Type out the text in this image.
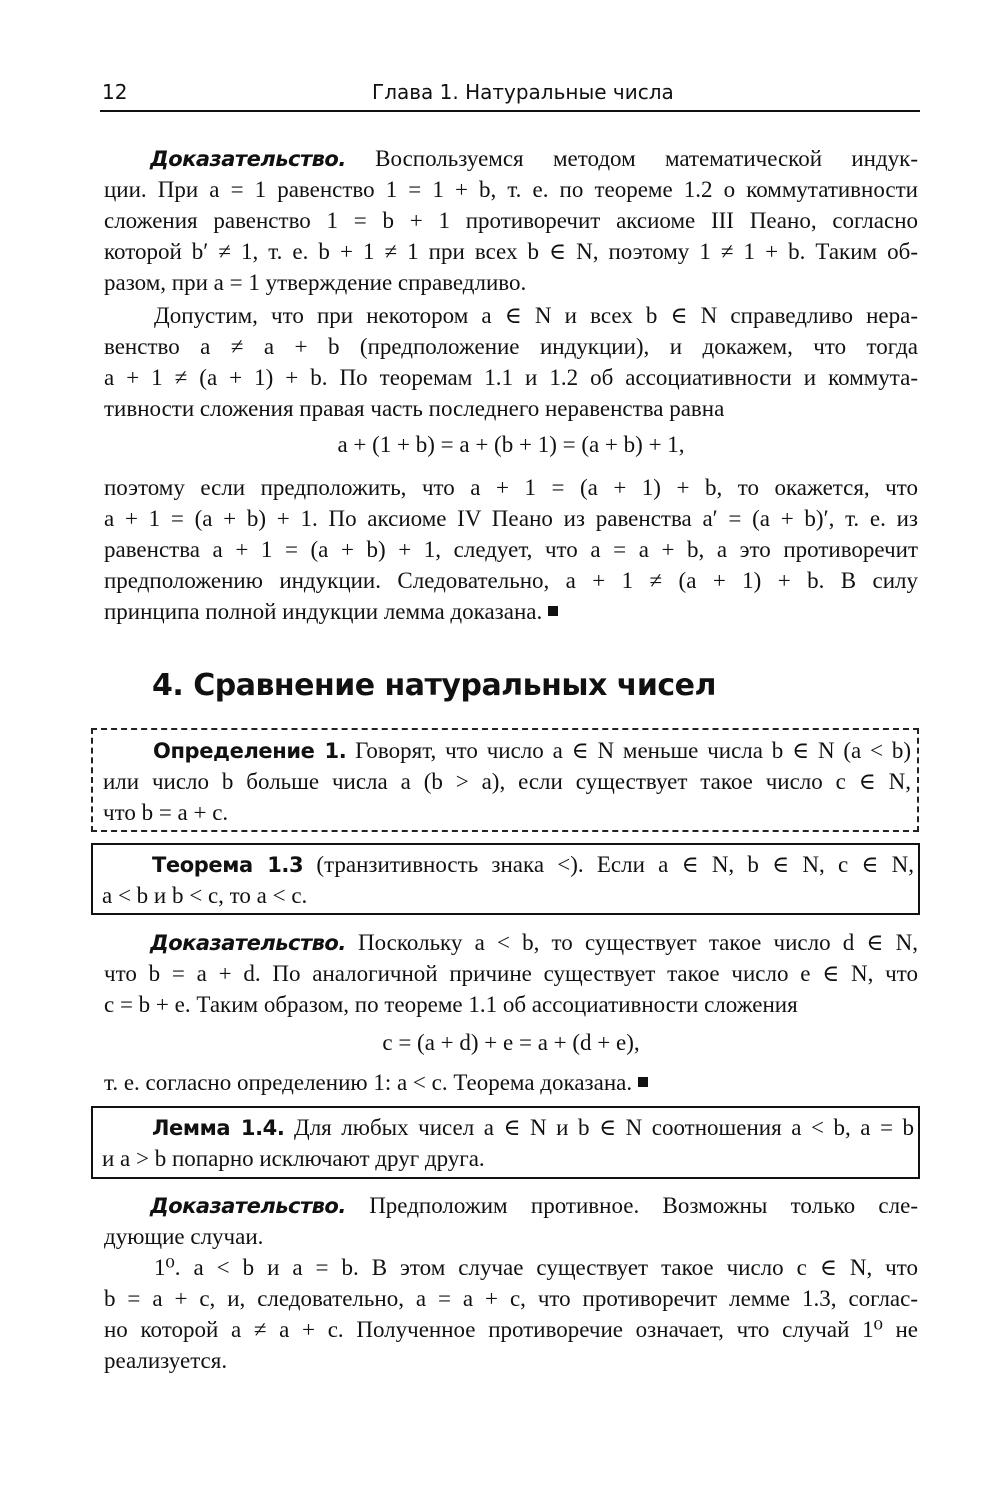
12	Глава 1. Натуральные числа
Доказательство. Воспользуемся методом математической индук-
ции. При a = 1 равенство 1 = 1 + b, т. е. по теореме 1.2 о коммутативности
сложения равенство 1 = b + 1 противоречит аксиоме III Пеано, согласно
которой b′ ≠ 1, т. е. b + 1 ≠ 1 при всех b ∈ N, поэтому 1 ≠ 1 + b. Таким об-
разом, при a = 1 утверждение справедливо.
Допустим, что при некотором a ∈ N и всех b ∈ N справедливо нера-
венство a ≠ a + b (предположение индукции), и докажем, что тогда
a + 1 ≠ (a + 1) + b. По теоремам 1.1 и 1.2 об ассоциативности и коммута-
тивности сложения правая часть последнего неравенства равна
a + (1 + b) = a + (b + 1) = (a + b) + 1,
поэтому если предположить, что a + 1 = (a + 1) + b, то окажется, что
a + 1 = (a + b) + 1. По аксиоме IV Пеано из равенства a′ = (a + b)′, т. е. из
равенства a + 1 = (a + b) + 1, следует, что a = a + b, а это противоречит
предположению индукции. Следовательно, a + 1 ≠ (a + 1) + b. В силу
принципа полной индукции лемма доказана.
4. Сравнение натуральных чисел
Определение 1. Говорят, что число a ∈ N меньше числа b ∈ N (a < b)
или число b больше числа a (b > a), если существует такое число c ∈ N,
что b = a + c.
Теорема 1.3 (транзитивность знака <). Если a ∈ N, b ∈ N, c ∈ N,
a < b и b < c, то a < c.
Доказательство. Поскольку a < b, то существует такое число d ∈ N,
что b = a + d. По аналогичной причине существует такое число e ∈ N, что
c = b + e. Таким образом, по теореме 1.1 об ассоциативности сложения
c = (a + d) + e = a + (d + e),
т. е. согласно определению 1: a < c. Теорема доказана.
Лемма 1.4. Для любых чисел a ∈ N и b ∈ N соотношения a < b, a = b
и a > b попарно исключают друг друга.
Доказательство. Предположим противное. Возможны только сле-
дующие случаи.
1⁰. a < b и a = b. В этом случае существует такое число c ∈ N, что
b = a + c, и, следовательно, a = a + c, что противоречит лемме 1.3, соглас-
но которой a ≠ a + c. Полученное противоречие означает, что случай 1⁰ не
реализуется.
